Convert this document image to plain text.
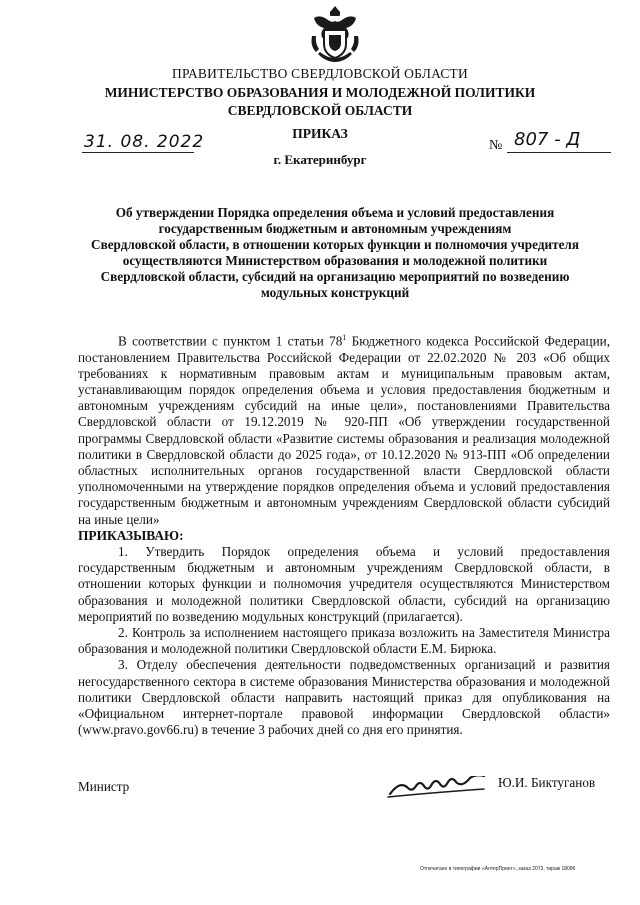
ПРАВИТЕЛЬСТВО СВЕРДЛОВСКОЙ ОБЛАСТИ
МИНИСТЕРСТВО ОБРАЗОВАНИЯ И МОЛОДЕЖНОЙ ПОЛИТИКИ
СВЕРДЛОВСКОЙ ОБЛАСТИ
ПРИКАЗ
31. 08. 2022	№ 807 - Д
г. Екатеринбург
Об утверждении Порядка определения объема и условий предоставления
государственным бюджетным и автономным учреждениям
Свердловской области, в отношении которых функции и полномочия учредителя
осуществляются Министерством образования и молодежной политики
Свердловской области, субсидий на организацию мероприятий по возведению
модульных конструкций

В соответствии с пунктом 1 статьи $78^1$ Бюджетного кодекса Российской Федерации, постановлением Правительства Российской Федерации от 22.02.2020 № 203 «Об общих требованиях к нормативным правовым актам и муниципальным правовым актам, устанавливающим порядок определения объема и условия предоставления бюджетным и автономным учреждениям субсидий на иные цели», постановлениями Правительства Свердловской области от 19.12.2019 № 920-ПП «Об утверждении государственной программы Свердловской области «Развитие системы образования и реализация молодежной политики в Свердловской области до 2025 года», от 10.12.2020 № 913-ПП «Об определении областных исполнительных органов государственной власти Свердловской области уполномоченными на утверждение порядков определения объема и условий предоставления государственным бюджетным и автономным учреждениям Свердловской области субсидий на иные цели»

ПРИКАЗЫВАЮ:

1. Утвердить Порядок определения объема и условий предоставления государственным бюджетным и автономным учреждениям Свердловской области, в отношении которых функции и полномочия учредителя осуществляются Министерством образования и молодежной политики Свердловской области, субсидий на организацию мероприятий по возведению модульных конструкций (прилагается).

2. Контроль за исполнением настоящего приказа возложить на Заместителя Министра образования и молодежной политики Свердловской области Е.М. Бирюка.

3. Отделу обеспечения деятельности подведомственных организаций и развития негосударственного сектора в системе образования Министерства образования и молодежной политики Свердловской области направить настоящий приказ для опубликования на «Официальном интернет-портале правовой информации Свердловской области» (www.pravo.gov66.ru) в течение 3 рабочих дней со дня его принятия.

Министр	Ю.И. Биктуганов
Отпечатано в типографии «АлтерПринт», заказ 2073, тираж 18086
